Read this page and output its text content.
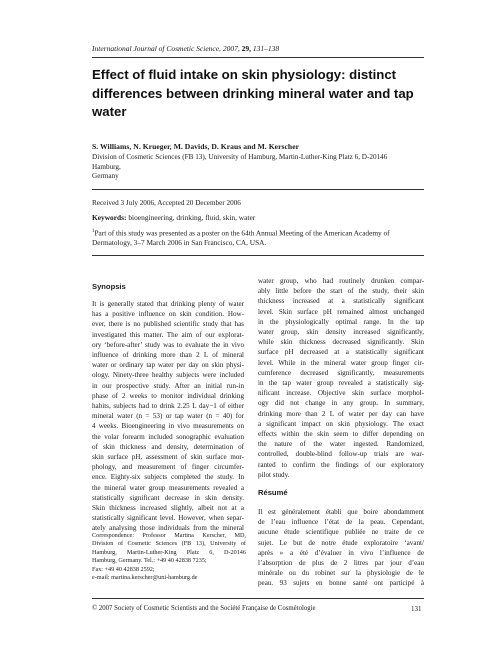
International Journal of Cosmetic Science, 2007, 29, 131–138
Effect of fluid intake on skin physiology: distinct
differences between drinking mineral water and tap
water
S. Williams, N. Krueger, M. Davids, D. Kraus and M. Kerscher
Division of Cosmetic Sciences (FB 13), University of Hamburg, Martin-Luther-King Platz 6, D-20146 Hamburg,
Germany
Received 3 July 2006, Accepted 20 December 2006
Keywords: bioengineering, drinking, fluid, skin, water
$^1$Part of this study was presented as a poster on the 64th Annual Meeting of the American Academy of
Dermatology, 3–7 March 2006 in San Francisco, CA, USA.
Synopsis
It is generally stated that drinking plenty of water
has a positive influence on skin condition. How-
ever, there is no published scientific study that has
investigated this matter. The aim of our explorat-
ory ‘before-after’ study was to evaluate the in vivo
influence of drinking more than 2 L of mineral
water or ordinary tap water per day on skin physi-
ology. Ninety-three healthy subjects were included
in our prospective study. After an initial run-in
phase of 2 weeks to monitor individual drinking
habits, subjects had to drink 2.25 L day−1 of either
mineral water (n = 53) or tap water (n = 40) for
4 weeks. Bioengineering in vivo measurements on
the volar forearm included sonographic evaluation
of skin thickness and density, determination of
skin surface pH, assessment of skin surface mor-
phology, and measurement of finger circumfer-
ence. Eighty-six subjects completed the study. In
the mineral water group measurements revealed a
statistically significant decrease in skin density.
Skin thickness increased slightly, albeit not at a
statistically significant level. However, when separ-
ately analysing those individuals from the mineral
Correspondence: Professor Martina Kerscher, MD,
Division of Cosmetic Sciences (FB 13), University of
Hamburg, Martin-Luther-King Platz 6, D-20146
Hamburg, Germany. Tel.: +49 40 42838 7235;
Fax: +49 40 42838 2592;
e-mail: martina.kerscher@uni-hamburg.de
water group, who had routinely drunken compar-
ably little before the start of the study, their skin
thickness increased at a statistically significant
level. Skin surface pH remained almost unchanged
in the physiologically optimal range. In the tap
water group, skin density increased significantly,
while skin thickness decreased significantly. Skin
surface pH decreased at a statistically significant
level. While in the mineral water group finger cir-
cumference decreased significantly, measurements
in the tap water group revealed a statistically sig-
nificant increase. Objective skin surface morphol-
ogy did not change in any group. In summary,
drinking more than 2 L of water per day can have
a significant impact on skin physiology. The exact
effects within the skin seem to differ depending on
the nature of the water ingested. Randomized,
controlled, double-blind follow-up trials are war-
ranted to confirm the findings of our exploratory
pilot study.
Résumé
Il est généralement établi que boire abondamment
de l’eau influence l’état de la peau. Cependant,
aucune étude scientifique publiée ne traite de ce
sujet. Le but de notre étude exploratoire ‘avant/
après » a été d’évaluer in vivo l’influence de
l’absorption de plus de 2 litres par jour d’eau
minérale ou du robinet sur la physiologie de le
peau. 93 sujets en bonne santé ont participé à
© 2007 Society of Cosmetic Scientists and the Société Française de Cosmétologie	131
